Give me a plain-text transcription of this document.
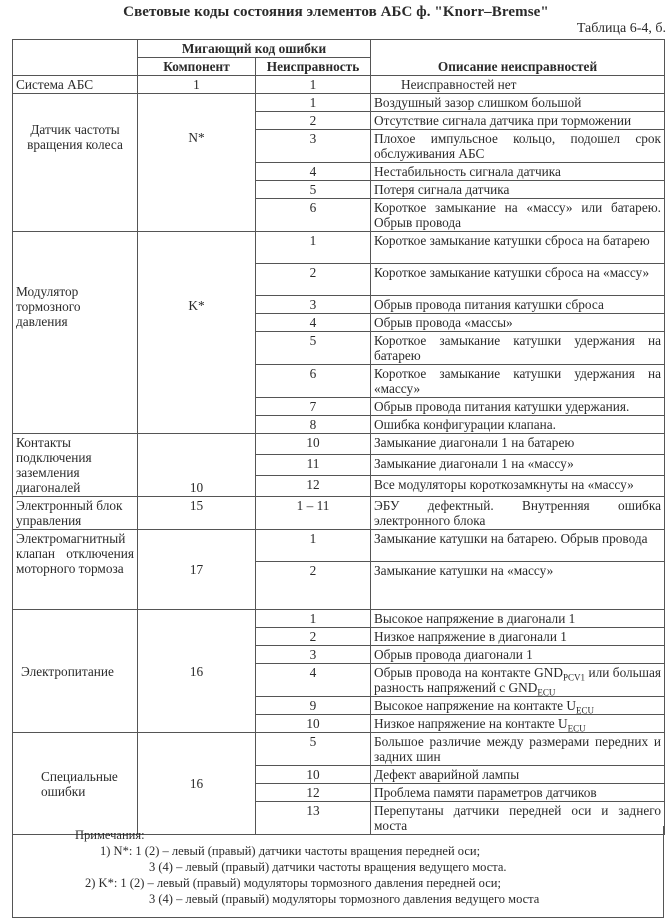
Световые коды состояния элементов АБС ф. "Knorr–Bremse"
Таблица 6-4, б.
	Мигающий код ошибки		
	Компонент	Неисправность	Описание неисправностей
Система АБС	1	1	Неисправностей нет
Датчик частоты вращения колеса	N*	1	Воздушный зазор слишком большой
		2	Отсутствие сигнала датчика при торможении
		3	Плохое импульсное кольцо, подошел срок обслуживания АБС
		4	Нестабильность сигнала датчика
		5	Потеря сигнала датчика
		6	Короткое замыкание на «массу» или батарею. Обрыв провода
Модулятор тормозного давления	K*	1	Короткое замыкание катушки сброса на батарею
		2	Короткое замыкание катушки сброса на «массу»
		3	Обрыв провода питания катушки сброса
		4	Обрыв провода «массы»
		5	Короткое замыкание катушки удержания на батарею
		6	Короткое замыкание катушки удержания на «массу»
		7	Обрыв провода питания катушки удержания.
		8	Ошибка конфигурации клапана.
Контакты подключения заземления диагоналей	10	10	Замыкание диагонали 1 на батарею
		11	Замыкание диагонали 1 на «массу»
		12	Все модуляторы короткозамкнуты на «массу»
Электронный блок управления	15	1 – 11	ЭБУ дефектный. Внутренняя ошибка электронного блока
Электромагнитный клапан отключения моторного тормоза	17	1	Замыкание катушки на батарею. Обрыв провода
		2	Замыкание катушки на «массу»
Электропитание	16	1	Высокое напряжение в диагонали 1
		2	Низкое напряжение в диагонали 1
		3	Обрыв провода диагонали 1
		4	Обрыв провода на контакте $GND_{PCV1}$ или большая разность напряжений с $GND_{ECU}$
		9	Высокое напряжение на контакте $U_{ECU}$
		10	Низкое напряжение на контакте $U_{ECU}$
Специальные ошибки	16	5	Большое различие между размерами передних и задних шин
		10	Дефект аварийной лампы
		12	Проблема памяти параметров датчиков
		13	Перепутаны датчики передней оси и заднего моста
Примечания:
1) N*: 1 (2) – левый (правый) датчики частоты вращения передней оси;
3 (4) – левый (правый) датчики частоты вращения ведущего моста.
2) K*: 1 (2) – левый (правый) модуляторы тормозного давления передней оси;
3 (4) – левый (правый) модуляторы тормозного давления ведущего моста
